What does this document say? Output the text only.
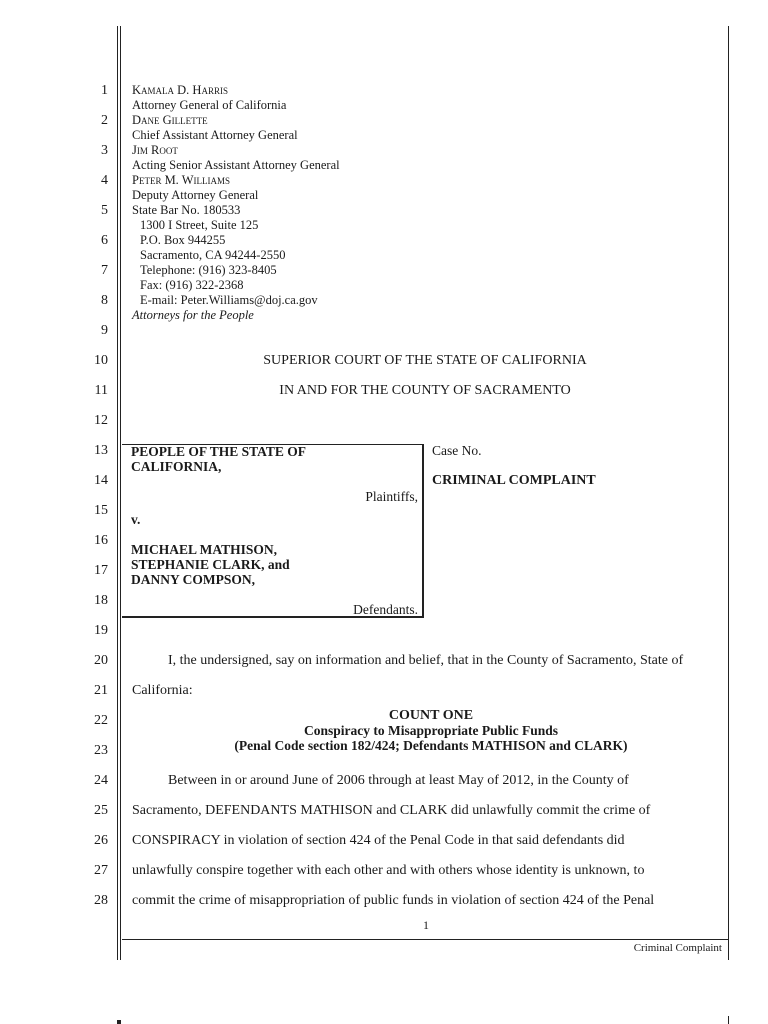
1
2
3
4
5
6
7
8
9
10
11
12
13
14
15
16
17
18
19
20
21
22
23
24
25
26
27
28
Kamala D. Harris
Attorney General of California
Dane Gillette
Chief Assistant Attorney General
Jim Root
Acting Senior Assistant Attorney General
Peter M. Williams
Deputy Attorney General
State Bar No. 180533
1300 I Street, Suite 125
P.O. Box 944255
Sacramento, CA 94244-2550
Telephone: (916) 323-8405
Fax: (916) 322-2368
E-mail: Peter.Williams@doj.ca.gov
Attorneys for the People
SUPERIOR COURT OF THE STATE OF CALIFORNIA
IN AND FOR THE COUNTY OF SACRAMENTO
PEOPLE OF THE STATE OF
CALIFORNIA,
Plaintiffs,
v.
MICHAEL MATHISON,
STEPHANIE CLARK, and
DANNY COMPSON,
Defendants.
Case No.
CRIMINAL COMPLAINT
I, the undersigned, say on information and belief, that in the County of Sacramento, State of
California:
COUNT ONE
Conspiracy to Misappropriate Public Funds
(Penal Code section 182/424; Defendants MATHISON and CLARK)
Between in or around June of 2006 through at least May of 2012, in the County of
Sacramento, DEFENDANTS MATHISON and CLARK did unlawfully commit the crime of
CONSPIRACY in violation of section 424 of the Penal Code in that said defendants did
unlawfully conspire together with each other and with others whose identity is unknown, to
commit the crime of misappropriation of public funds in violation of section 424 of the Penal
1
Criminal Complaint
